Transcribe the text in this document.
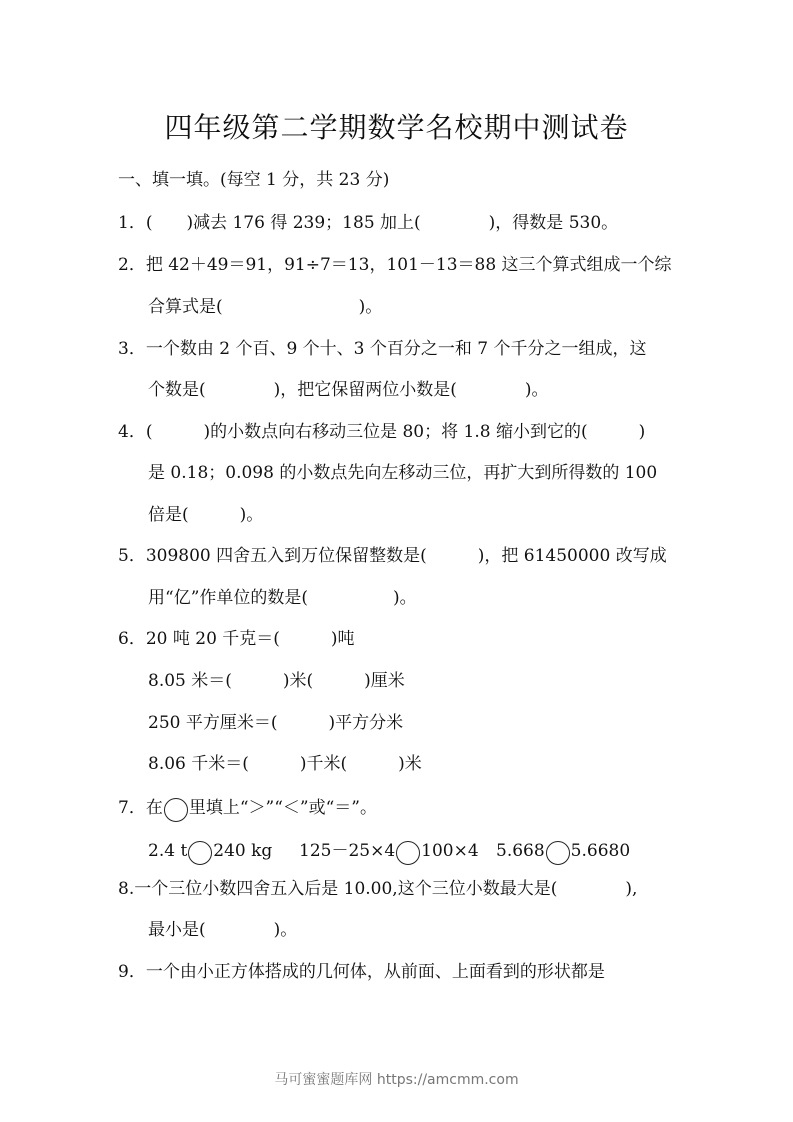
四年级第二学期数学名校期中测试卷
一、填一填。(每空 1 分，共 23 分)
1．(　　)减去 176 得 239；185 加上(　　　　)，得数是 530。
2．把 42＋49＝91，91÷7＝13，101－13＝88 这三个算式组成一个综
合算式是(　　　　　　　　)。
3．一个数由 2 个百、9 个十、3 个百分之一和 7 个千分之一组成，这
个数是(　　　　)，把它保留两位小数是(　　　　)。
4．(　　　)的小数点向右移动三位是 80；将 1.8 缩小到它的(　　　)
是 0.18；0.098 的小数点先向左移动三位，再扩大到所得数的 100
倍是(　　　)。
5．309800 四舍五入到万位保留整数是(　　　)，把 61450000 改写成
用“亿”作单位的数是(　　　　　)。
6．20 吨 20 千克＝(　　　)吨
8.05 米＝(　　　)米(　　　)厘米
250 平方厘米＝(　　　)平方分米
8.06 千米＝(　　　)千米(　　　)米
7．在 里填上“＞”“＜”或“＝”。
2.4 t 240 kg 125－25×4 100×4 5.668 5.6680
8.一个三位小数四舍五入后是 10.00,这个三位小数最大是(　　　　),
最小是(　　　　)。
9．一个由小正方体搭成的几何体，从前面、上面看到的形状都是
马可蜜蜜题库网 https://amcmm.com
